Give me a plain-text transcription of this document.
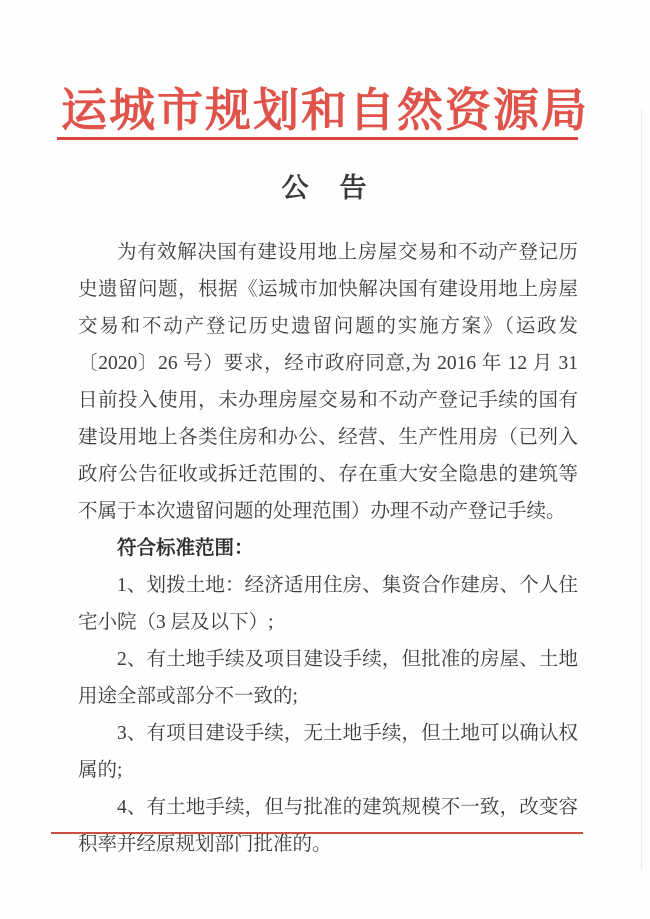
运城市规划和自然资源局
公　告

为有效解决国有建设用地上房屋交易和不动产登记历史遗留问题，根据《运城市加快解决国有建设用地上房屋交易和不动产登记历史遗留问题的实施方案》（运政发〔2020〕26 号）要求，经市政府同意,为 2016 年 12 月 31 日前投入使用，未办理房屋交易和不动产登记手续的国有建设用地上各类住房和办公、经营、生产性用房（已列入政府公告征收或拆迁范围的、存在重大安全隐患的建筑等不属于本次遗留问题的处理范围）办理不动产登记手续。

符合标准范围：

1、划拨土地：经济适用住房、集资合作建房、个人住宅小院（3 层及以下）;

2、有土地手续及项目建设手续，但批准的房屋、土地用途全部或部分不一致的;

3、有项目建设手续，无土地手续，但土地可以确认权属的;

4、有土地手续，但与批准的建筑规模不一致，改变容积率并经原规划部门批准的。
